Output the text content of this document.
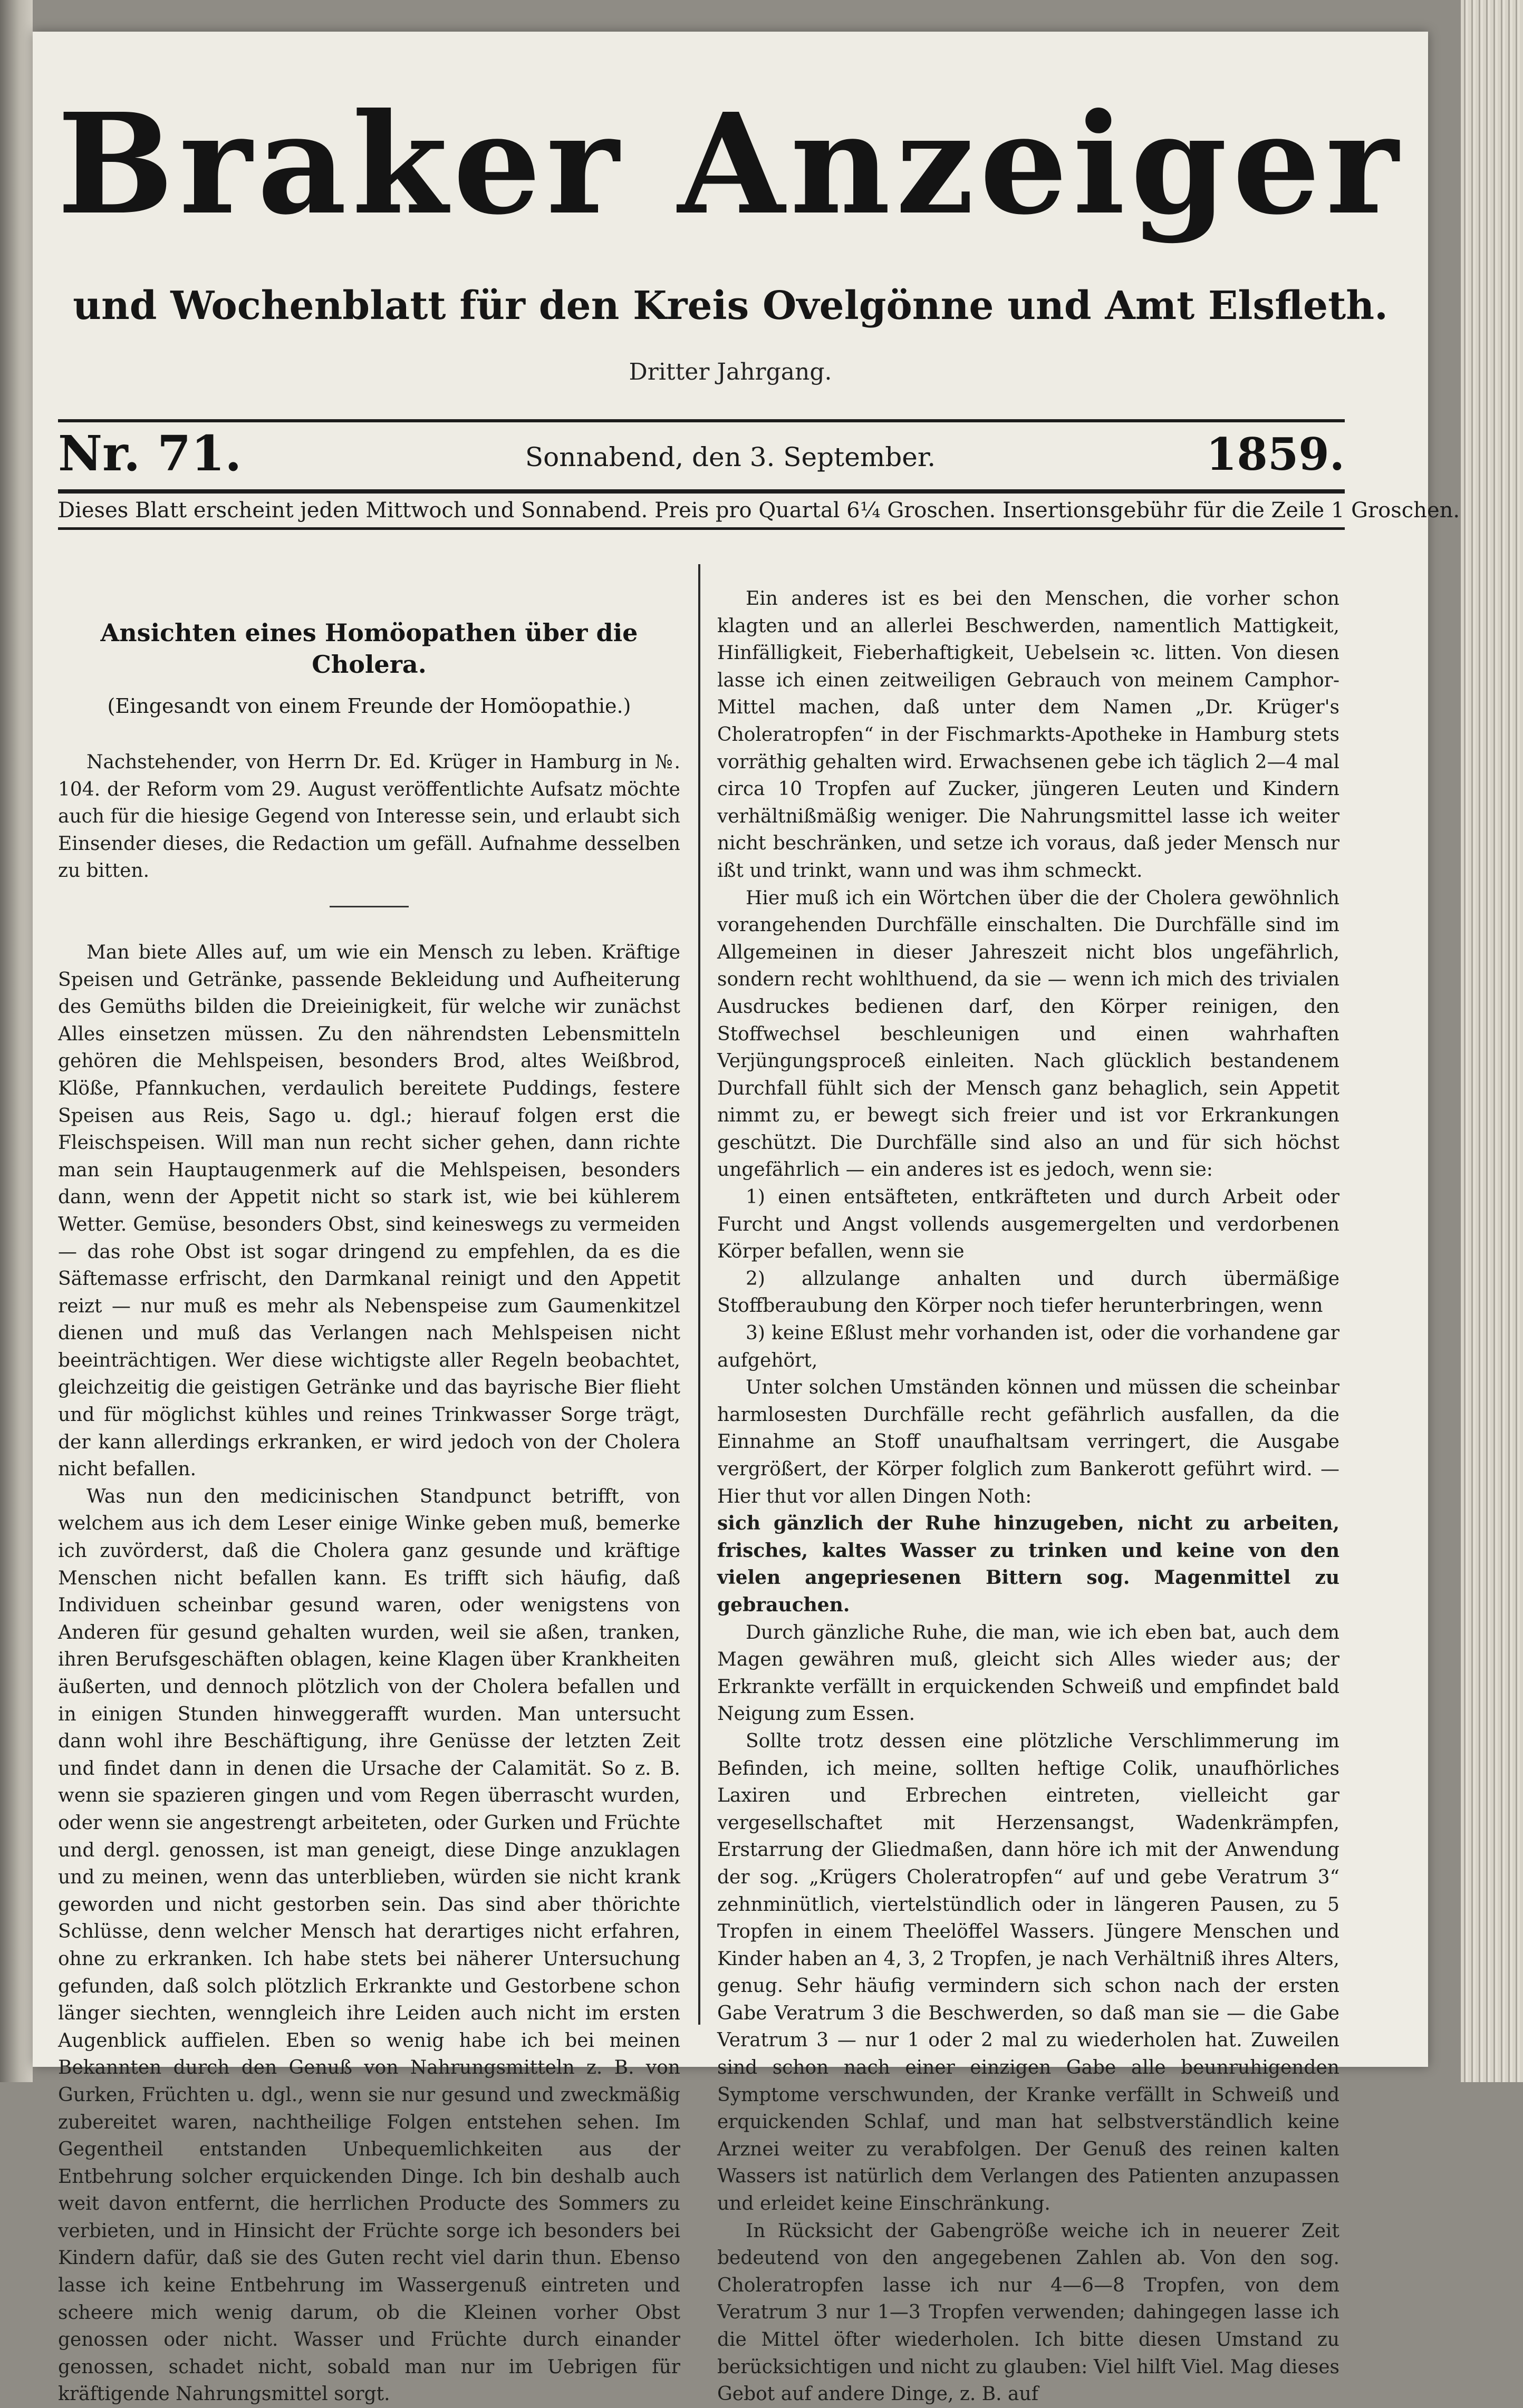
Braker Anzeiger
und Wochenblatt für den Kreis Ovelgönne und Amt Elsfleth.
Dritter Jahrgang.
Nr. 71.	Sonnabend, den 3. September.	1859.
Dieses Blatt erscheint jeden Mittwoch und Sonnabend. Preis pro Quartal 6¼ Groschen. Insertionsgebühr für die Zeile 1 Groschen.
Ansichten eines Homöopathen über die Cholera.
(Eingesandt von einem Freunde der Homöopathie.)

Nachstehender, von Herrn Dr. Ed. Krüger in Hamburg in №. 104. der Reform vom 29. August veröffentlichte Aufsatz möchte auch für die hiesige Gegend von Interesse sein, und erlaubt sich Einsender dieses, die Redaction um gefäll. Aufnahme desselben zu bitten.

Man biete Alles auf, um wie ein Mensch zu leben. Kräftige Speisen und Getränke, passende Bekleidung und Aufheiterung des Gemüths bilden die Dreieinigkeit, für welche wir zunächst Alles einsetzen müssen. Zu den nährendsten Lebensmitteln gehören die Mehlspeisen, besonders Brod, altes Weißbrod, Klöße, Pfannkuchen, verdaulich bereitete Puddings, festere Speisen aus Reis, Sago u. dgl.; hierauf folgen erst die Fleischspeisen. Will man nun recht sicher gehen, dann richte man sein Hauptaugenmerk auf die Mehlspeisen, besonders dann, wenn der Appetit nicht so stark ist, wie bei kühlerem Wetter. Gemüse, besonders Obst, sind keineswegs zu vermeiden — das rohe Obst ist sogar dringend zu empfehlen, da es die Säftemasse erfrischt, den Darmkanal reinigt und den Appetit reizt — nur muß es mehr als Nebenspeise zum Gaumenkitzel dienen und muß das Verlangen nach Mehlspeisen nicht beeinträchtigen. Wer diese wichtigste aller Regeln beobachtet, gleichzeitig die geistigen Getränke und das bayrische Bier flieht und für möglichst kühles und reines Trinkwasser Sorge trägt, der kann allerdings erkranken, er wird jedoch von der Cholera nicht befallen.

Was nun den medicinischen Standpunct betrifft, von welchem aus ich dem Leser einige Winke geben muß, bemerke ich zuvörderst, daß die Cholera ganz gesunde und kräftige Menschen nicht befallen kann. Es trifft sich häufig, daß Individuen scheinbar gesund waren, oder wenigstens von Anderen für gesund gehalten wurden, weil sie aßen, tranken, ihren Berufsgeschäften oblagen, keine Klagen über Krankheiten äußerten, und dennoch plötzlich von der Cholera befallen und in einigen Stunden hinweggerafft wurden. Man untersucht dann wohl ihre Beschäftigung, ihre Genüsse der letzten Zeit und findet dann in denen die Ursache der Calamität. So z. B. wenn sie spazieren gingen und vom Regen überrascht wurden, oder wenn sie angestrengt arbeiteten, oder Gurken und Früchte und dergl. genossen, ist man geneigt, diese Dinge anzuklagen und zu meinen, wenn das unterblieben, würden sie nicht krank geworden und nicht gestorben sein. Das sind aber thörichte Schlüsse, denn welcher Mensch hat derartiges nicht erfahren, ohne zu erkranken. Ich habe stets bei näherer Untersuchung gefunden, daß solch plötzlich Erkrankte und Gestorbene schon länger siechten, wenngleich ihre Leiden auch nicht im ersten Augenblick auffielen. Eben so wenig habe ich bei meinen Bekannten durch den Genuß von Nahrungsmitteln z. B. von Gurken, Früchten u. dgl., wenn sie nur gesund und zweckmäßig zubereitet waren, nachtheilige Folgen entstehen sehen. Im Gegentheil entstanden Unbequemlichkeiten aus der Entbehrung solcher erquickenden Dinge. Ich bin deshalb auch weit davon entfernt, die herrlichen Producte des Sommers zu verbieten, und in Hinsicht der Früchte sorge ich besonders bei Kindern dafür, daß sie des Guten recht viel darin thun. Ebenso lasse ich keine Entbehrung im Wassergenuß eintreten und scheere mich wenig darum, ob die Kleinen vorher Obst genossen oder nicht. Wasser und Früchte durch einander genossen, schadet nicht, sobald man nur im Uebrigen für kräftigende Nahrungsmittel sorgt.

Ein anderes ist es bei den Menschen, die vorher schon klagten und an allerlei Beschwerden, namentlich Mattigkeit, Hinfälligkeit, Fieberhaftigkeit, Uebelsein ꝛc. litten. Von diesen lasse ich einen zeitweiligen Gebrauch von meinem Camphor-Mittel machen, daß unter dem Namen „Dr. Krüger's Choleratropfen“ in der Fischmarkts-Apotheke in Hamburg stets vorräthig gehalten wird. Erwachsenen gebe ich täglich 2—4 mal circa 10 Tropfen auf Zucker, jüngeren Leuten und Kindern verhältnißmäßig weniger. Die Nahrungsmittel lasse ich weiter nicht beschränken, und setze ich voraus, daß jeder Mensch nur ißt und trinkt, wann und was ihm schmeckt.

Hier muß ich ein Wörtchen über die der Cholera gewöhnlich vorangehenden Durchfälle einschalten. Die Durchfälle sind im Allgemeinen in dieser Jahreszeit nicht blos ungefährlich, sondern recht wohlthuend, da sie — wenn ich mich des trivialen Ausdruckes bedienen darf, den Körper reinigen, den Stoffwechsel beschleunigen und einen wahrhaften Verjüngungsproceß einleiten. Nach glücklich bestandenem Durchfall fühlt sich der Mensch ganz behaglich, sein Appetit nimmt zu, er bewegt sich freier und ist vor Erkrankungen geschützt. Die Durchfälle sind also an und für sich höchst ungefährlich — ein anderes ist es jedoch, wenn sie:

1) einen entsäfteten, entkräfteten und durch Arbeit oder Furcht und Angst vollends ausgemergelten und verdorbenen Körper befallen, wenn sie

2) allzulange anhalten und durch übermäßige Stoffberaubung den Körper noch tiefer herunterbringen, wenn

3) keine Eßlust mehr vorhanden ist, oder die vorhandene gar aufgehört,

Unter solchen Umständen können und müssen die scheinbar harmlosesten Durchfälle recht gefährlich ausfallen, da die Einnahme an Stoff unaufhaltsam verringert, die Ausgabe vergrößert, der Körper folglich zum Bankerott geführt wird. — Hier thut vor allen Dingen Noth:

sich gänzlich der Ruhe hinzugeben, nicht zu arbeiten, frisches, kaltes Wasser zu trinken und keine von den vielen angepriesenen Bittern sog. Magenmittel zu gebrauchen.

Durch gänzliche Ruhe, die man, wie ich eben bat, auch dem Magen gewähren muß, gleicht sich Alles wieder aus; der Erkrankte verfällt in erquickenden Schweiß und empfindet bald Neigung zum Essen.

Sollte trotz dessen eine plötzliche Verschlimmerung im Befinden, ich meine, sollten heftige Colik, unaufhörliches Laxiren und Erbrechen eintreten, vielleicht gar vergesellschaftet mit Herzensangst, Wadenkrämpfen, Erstarrung der Gliedmaßen, dann höre ich mit der Anwendung der sog. „Krügers Choleratropfen“ auf und gebe Veratrum 3“ zehnminütlich, viertelstündlich oder in längeren Pausen, zu 5 Tropfen in einem Theelöffel Wassers. Jüngere Menschen und Kinder haben an 4, 3, 2 Tropfen, je nach Verhältniß ihres Alters, genug. Sehr häufig vermindern sich schon nach der ersten Gabe Veratrum 3 die Beschwerden, so daß man sie — die Gabe Veratrum 3 — nur 1 oder 2 mal zu wiederholen hat. Zuweilen sind schon nach einer einzigen Gabe alle beunruhigenden Symptome verschwunden, der Kranke verfällt in Schweiß und erquickenden Schlaf, und man hat selbstverständlich keine Arznei weiter zu verabfolgen. Der Genuß des reinen kalten Wassers ist natürlich dem Verlangen des Patienten anzupassen und erleidet keine Einschränkung.

In Rücksicht der Gabengröße weiche ich in neuerer Zeit bedeutend von den angegebenen Zahlen ab. Von den sog. Choleratropfen lasse ich nur 4—6—8 Tropfen, von dem Veratrum 3 nur 1—3 Tropfen verwenden; dahingegen lasse ich die Mittel öfter wiederholen. Ich bitte diesen Umstand zu berücksichtigen und nicht zu glauben: Viel hilft Viel. Mag dieses Gebot auf andere Dinge, z. B. auf
